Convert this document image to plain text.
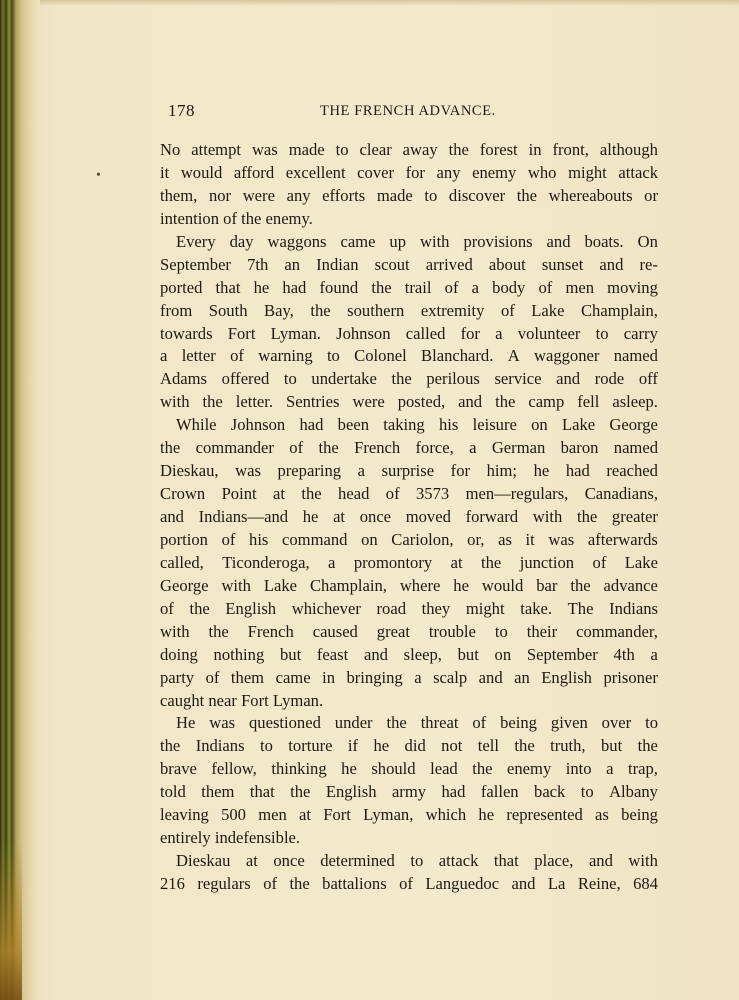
•
178	THE FRENCH ADVANCE.
No attempt was made to clear away the forest in front, although
it would afford excellent cover for any enemy who might attack
them, nor were any efforts made to discover the whereabouts or
intention of the enemy.
Every day waggons came up with provisions and boats. On
September 7th an Indian scout arrived about sunset and re-
ported that he had found the trail of a body of men moving
from South Bay, the southern extremity of Lake Champlain,
towards Fort Lyman. Johnson called for a volunteer to carry
a letter of warning to Colonel Blanchard. A waggoner named
Adams offered to undertake the perilous service and rode off
with the letter. Sentries were posted, and the camp fell asleep.
While Johnson had been taking his leisure on Lake George
the commander of the French force, a German baron named
Dieskau, was preparing a surprise for him; he had reached
Crown Point at the head of 3573 men—regulars, Canadians,
and Indians—and he at once moved forward with the greater
portion of his command on Cariolon, or, as it was afterwards
called, Ticonderoga, a promontory at the junction of Lake
George with Lake Champlain, where he would bar the advance
of the English whichever road they might take. The Indians
with the French caused great trouble to their commander,
doing nothing but feast and sleep, but on September 4th a
party of them came in bringing a scalp and an English prisoner
caught near Fort Lyman.
He was questioned under the threat of being given over to
the Indians to torture if he did not tell the truth, but the
brave fellow, thinking he should lead the enemy into a trap,
told them that the English army had fallen back to Albany
leaving 500 men at Fort Lyman, which he represented as being
entirely indefensible.
Dieskau at once determined to attack that place, and with
216 regulars of the battalions of Languedoc and La Reine, 684
